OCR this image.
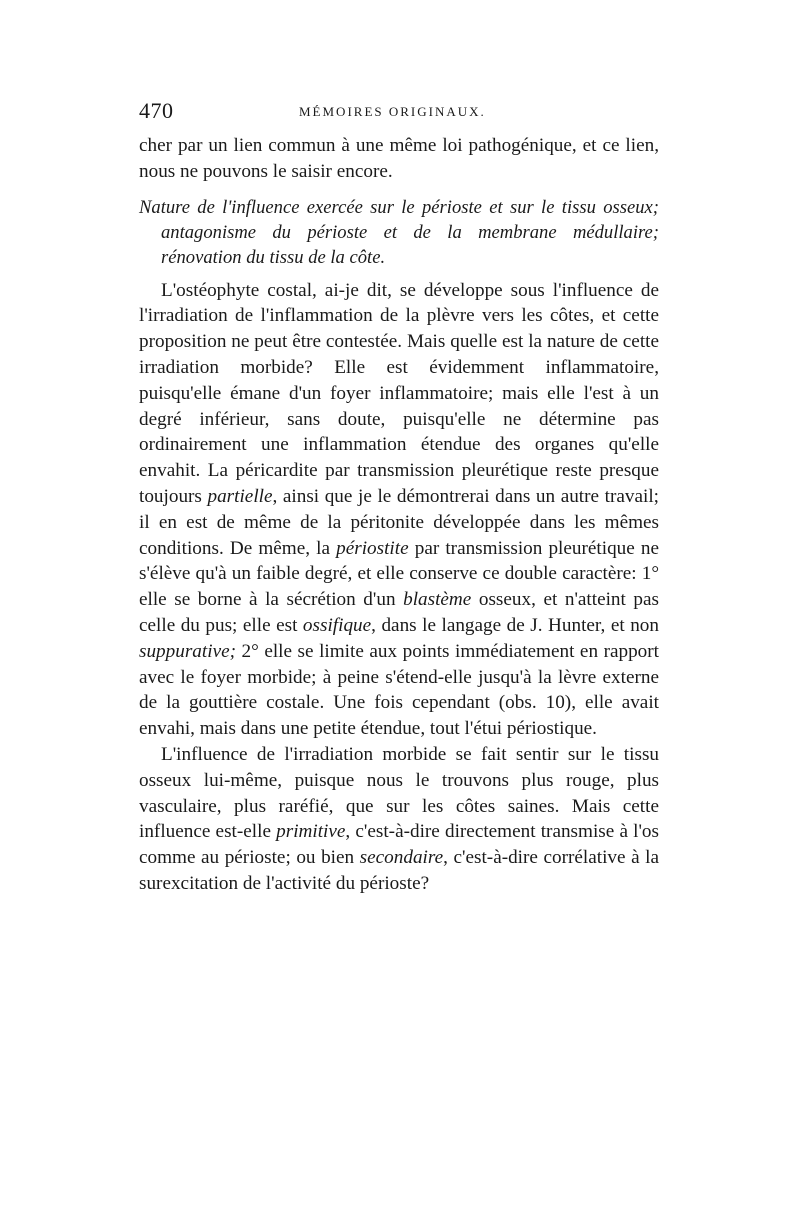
470	MÉMOIRES ORIGINAUX.

cher par un lien commun à une même loi pathogénique, et ce lien, nous ne pouvons le saisir encore.

Nature de l'influence exercée sur le périoste et sur le tissu osseux; antagonisme du périoste et de la membrane médullaire; rénovation du tissu de la côte.

L'ostéophyte costal, ai-je dit, se développe sous l'influence de l'irradiation de l'inflammation de la plèvre vers les côtes, et cette proposition ne peut être contestée. Mais quelle est la nature de cette irradiation morbide? Elle est évidemment inflammatoire, puisqu'elle émane d'un foyer inflammatoire; mais elle l'est à un degré inférieur, sans doute, puisqu'elle ne détermine pas ordinairement une inflammation étendue des organes qu'elle envahit. La péricardite par transmission pleurétique reste presque toujours partielle, ainsi que je le démontrerai dans un autre travail; il en est de même de la péritonite développée dans les mêmes conditions. De même, la périostite par transmission pleurétique ne s'élève qu'à un faible degré, et elle conserve ce double caractère: 1° elle se borne à la sécrétion d'un blastème osseux, et n'atteint pas celle du pus; elle est ossifique, dans le langage de J. Hunter, et non suppurative; 2° elle se limite aux points immédiatement en rapport avec le foyer morbide; à peine s'étend-elle jusqu'à la lèvre externe de la gouttière costale. Une fois cependant (obs. 10), elle avait envahi, mais dans une petite étendue, tout l'étui périostique.

L'influence de l'irradiation morbide se fait sentir sur le tissu osseux lui-même, puisque nous le trouvons plus rouge, plus vasculaire, plus raréfié, que sur les côtes saines. Mais cette influence est-elle primitive, c'est-à-dire directement transmise à l'os comme au périoste; ou bien secondaire, c'est-à-dire corrélative à la surexcitation de l'activité du périoste?
